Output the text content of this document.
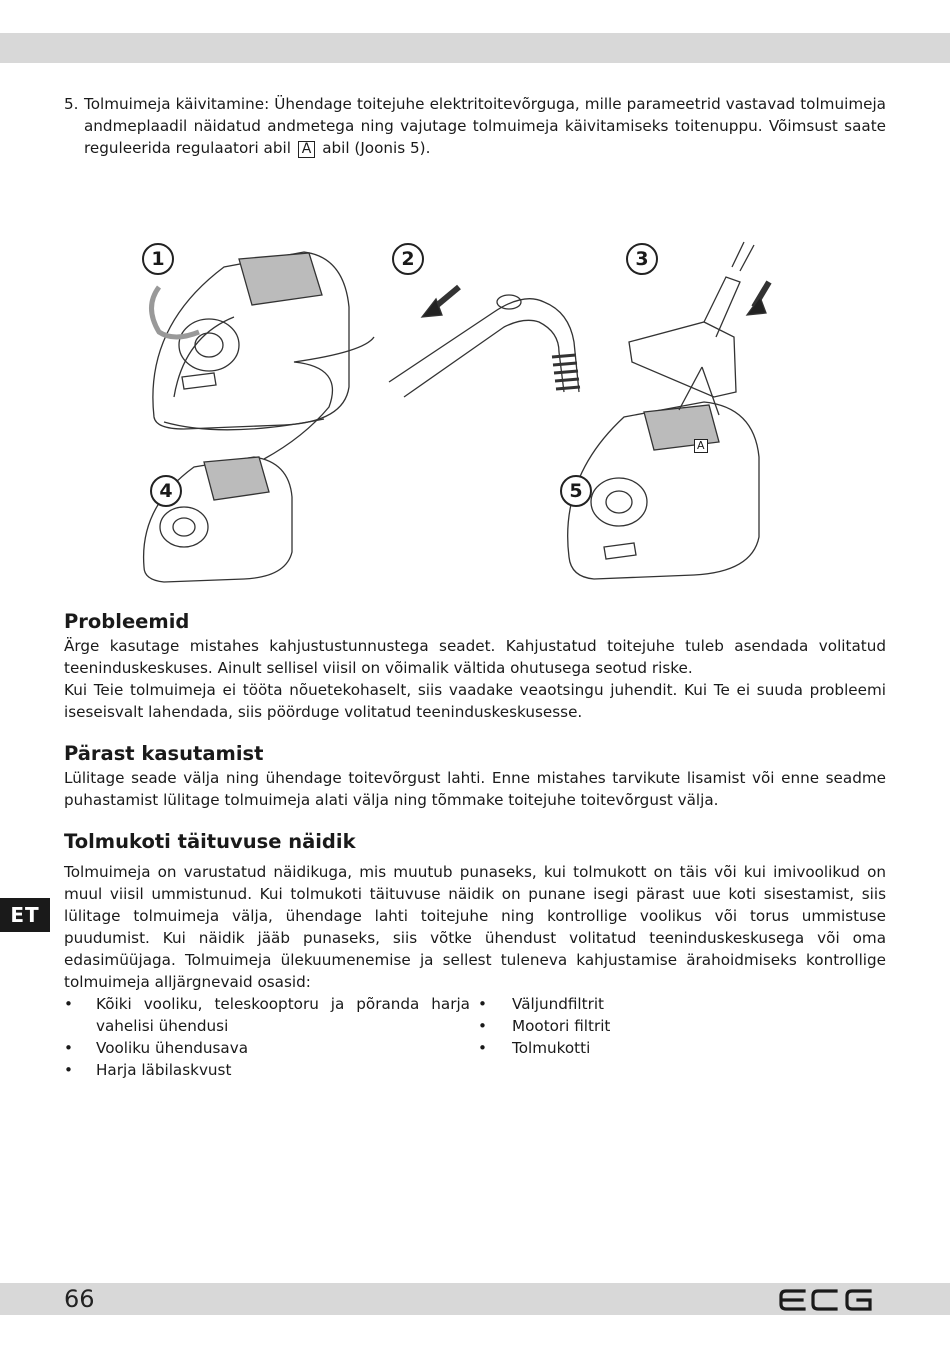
ET
5. Tolmuimeja käivitamine: Ühendage toitejuhe elektritoitevõrguga, mille parameetrid vastavad tolmuimeja andmeplaadil näidatud andmetega ning vajutage tolmuimeja käivitamiseks toitenuppu. Võimsust saate reguleerida regulaatori abil A abil (Joonis 5).
1	2	3
4	5
A
Probleemid

Ärge kasutage mistahes kahjustustunnustega seadet. Kahjustatud toitejuhe tuleb asendada volitatud teeninduskeskuses. Ainult sellisel viisil on võimalik vältida ohutusega seotud riske.

Kui Teie tolmuimeja ei tööta nõuetekohaselt, siis vaadake veaotsingu juhendit. Kui Te ei suuda probleemi iseseisvalt lahendada, siis pöörduge volitatud teeninduskeskusesse.

Pärast kasutamist

Lülitage seade välja ning ühendage toitevõrgust lahti. Enne mistahes tarvikute lisamist või enne seadme puhastamist lülitage tolmuimeja alati välja ning tõmmake toitejuhe toitevõrgust välja.

Tolmukoti täituvuse näidik

Tolmuimeja on varustatud näidikuga, mis muutub punaseks, kui tolmukott on täis või kui imivoolikud on muul viisil ummistunud. Kui tolmukoti täituvuse näidik on punane isegi pärast uue koti sisestamist, siis lülitage tolmuimeja välja, ühendage lahti toitejuhe ning kontrollige voolikus või torus ummistuse puudumist. Kui näidik jääb punaseks, siis võtke ühendust volitatud teeninduskeskusega või oma edasimüüjaga. Tolmuimeja ülekuumenemise ja sellest tuleneva kahjustamise ärahoidmiseks kontrollige tolmuimeja alljärgnevaid osasid:

• Kõiki vooliku, teleskooptoru ja põranda harja vahelisi ühendusi
• Vooliku ühendusava
• Harja läbilaskvust
• Väljundfiltrit
• Mootori filtrit
• Tolmukotti
66
